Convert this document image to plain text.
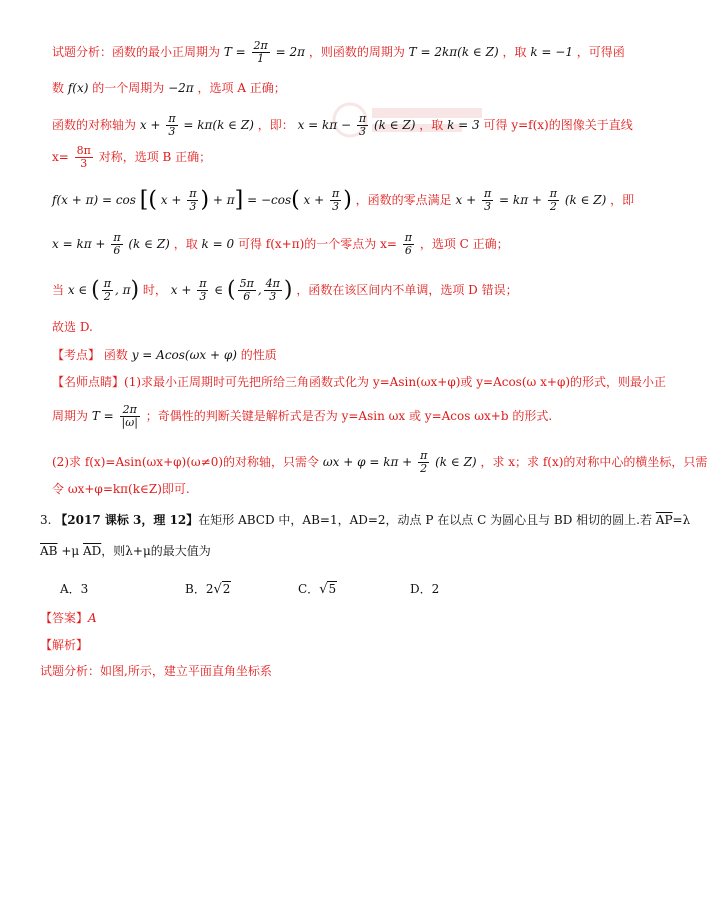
试题分析：函数的最小正周期为 $T = \frac{2\pi}{1} = 2\pi$ ，则函数的周期为 T = 2kπ(k ∈ Z) ，取 k = −1 ，可得函
数 f(x) 的一个周期为 −2π ，选项 A 正确；
函数的对称轴为 $x + \frac{\pi}{3} = k\pi(k$ ∈ Z) ，即： $x = k\pi - \frac{\pi}{3} (k$ ∈ Z) ，取 k = 3 可得 y=f(x)的图像关于直线
$x= \frac{8\pi}{3}$ 对称，选项 B 正确；
f(x + π) = cos [( $x + \frac{\pi}{3}$ ) + π] = −cos( $x + \frac{\pi}{3}$ ) ，函数的零点满足 $x + \frac{\pi}{3} = k\pi + \frac{\pi}{2} (k$ ∈ Z) ，即
$x = k\pi + \frac{\pi}{6} (k$ ∈ Z) ，取 k = 0 可得 f(x+π)的一个零点为 $x= \frac{\pi}{6}$ ，选项 C 正确；
当 x ∈ ( $\frac{\pi}{2}$ , π) 时， $x + \frac{\pi}{3}$ ∈ ( $\frac{5\pi}{6}$ , $\frac{4\pi}{3}$ ) ，函数在该区间内不单调，选项 D 错误；
故选 D.
【考点】 函数 y = Acos(ωx + φ) 的性质
【名师点睛】(1)求最小正周期时可先把所给三角函数式化为 y=Asin(ωx+φ)或 y=Acos(ω x+φ)的形式，则最小正
周期为 $T = \frac{2\pi}{|\omega|}$ ；奇偶性的判断关键是解析式是否为 y=Asin ωx 或 y=Acos ωx+b 的形式.
(2)求 f(x)=Asin(ωx+φ)(ω≠0)的对称轴，只需令 $\omega x + \varphi = k\pi + \frac{\pi}{2} (k$ ∈ Z) ，求 x；求 f(x)的对称中心的横坐标，只需
令 ωx+φ=kπ(k∈Z)即可.
3. 【2017 课标 3，理 12】在矩形 ABCD 中，AB=1，AD=2，动点 P 在以点 C 为圆心且与 BD 相切的圆上.若 $\overline{AP}=\lambda$
$\overline{AB} +\mu$ $\overline{AD}$，则λ+μ的最大值为
A．3	B．2√2	C．√5	D．2
【答案】A
【解析】
试题分析：如图,所示，建立平面直角坐标系
